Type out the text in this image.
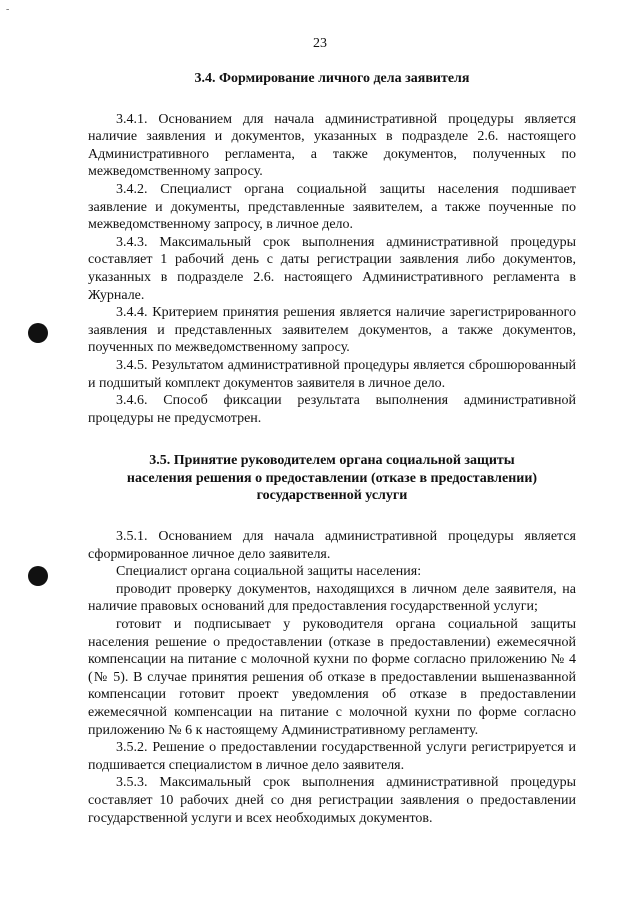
-
23
3.4. Формирование личного дела заявителя

3.4.1. Основанием для начала административной процедуры является наличие заявления и документов, указанных в подразделе 2.6. настоящего Административного регламента, а также документов, полученных по межведомственному запросу.

3.4.2. Специалист органа социальной защиты населения подшивает заявление и документы, представленные заявителем, а также поученные по межведомственному запросу, в личное дело.

3.4.3. Максимальный срок выполнения административной процедуры составляет 1 рабочий день с даты регистрации заявления либо документов, указанных в подразделе 2.6. настоящего Административного регламента в Журнале.

3.4.4. Критерием принятия решения является наличие зарегистрированного заявления и представленных заявителем документов, а также документов, поученных по межведомственному запросу.

3.4.5. Результатом административной процедуры является сброшюрованный и подшитый комплект документов заявителя в личное дело.

3.4.6. Способ фиксации результата выполнения административной процедуры не предусмотрен.

3.5. Принятие руководителем органа социальной защиты
населения решения о предоставлении (отказе в предоставлении)
государственной услуги

3.5.1. Основанием для начала административной процедуры является сформированное личное дело заявителя.

Специалист органа социальной защиты населения:

проводит проверку документов, находящихся в личном деле заявителя, на наличие правовых оснований для предоставления государственной услуги;

готовит и подписывает у руководителя органа социальной защиты населения решение о предоставлении (отказе в предоставлении) ежемесячной компенсации на питание с молочной кухни по форме согласно приложению № 4 (№ 5). В случае принятия решения об отказе в предоставлении вышеназванной компенсации готовит проект уведомления об отказе в предоставлении ежемесячной компенсации на питание с молочной кухни по форме согласно приложению № 6 к настоящему Административному регламенту.

3.5.2. Решение о предоставлении государственной услуги регистрируется и подшивается специалистом в личное дело заявителя.

3.5.3. Максимальный срок выполнения административной процедуры составляет 10 рабочих дней со дня регистрации заявления о предоставлении государственной услуги и всех необходимых документов.
